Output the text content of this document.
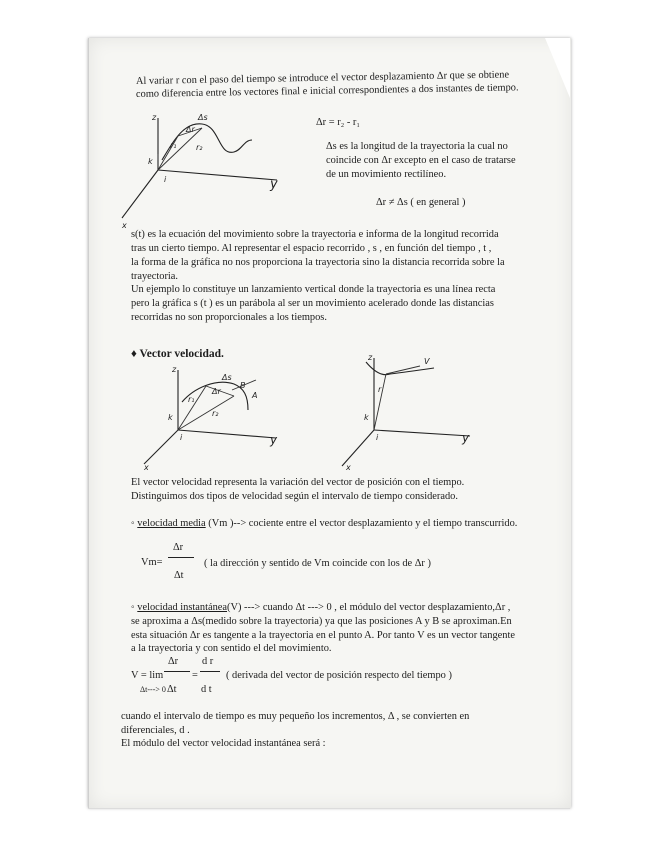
Al variar r con el paso del tiempo se introduce el vector desplazamiento Δr que se obtiene
como diferencia entre los vectores final e inicial correspondientes a dos instantes de tiempo.
z	Δs
Δr
r₁ r₂
k
i	y
x
Δr = r₂ - r₁
Δs es la longitud de la trayectoria la cual no
coincide con Δr excepto en el caso de tratarse
de un movimiento rectilíneo.
Δr ≠ Δs ( en general )
s(t) es la ecuación del movimiento sobre la trayectoria e informa de la longitud recorrida
tras un cierto tiempo. Al representar el espacio recorrido , s , en función del tiempo , t ,
la forma de la gráfica no nos proporciona la trayectoria sino la distancia recorrida sobre la
trayectoria.
Un ejemplo lo constituye un lanzamiento vertical donde la trayectoria es una línea recta
pero la gráfica s (t ) es un parábola al ser un movimiento acelerado donde las distancias
recorridas no son proporcionales a los tiempos.
♦ Vector velocidad.
z
Δs
Δr
r₁
r₂
B
A
k
i	y
x
z	V
r
k
i	y
x
El vector velocidad representa la variación del vector de posición con el tiempo.
Distinguimos dos tipos de velocidad según el intervalo de tiempo considerado.
◦ velocidad media (Vm )--> cociente entre el vector desplazamiento y el tiempo transcurrido.
Vm=
Δr
Δt
( la dirección y sentido de Vm coincide con los de Δr )
◦ velocidad instantánea(V) ---> cuando Δt ---> 0 , el módulo del vector desplazamiento,Δr ,
se aproxima a Δs(medido sobre la trayectoria) ya que las posiciones A y B se aproximan.En
esta situación Δr es tangente a la trayectoria en el punto A. Por tanto V es un vector tangente
a la trayectoria y con sentido el del movimiento.
V = lim
Δt---> 0
Δr
Δt
=
d r
d t
( derivada del vector de posición respecto del tiempo )
cuando el intervalo de tiempo es muy pequeño los incrementos, Δ , se convierten en
diferenciales, d .
El módulo del vector velocidad instantánea será :
